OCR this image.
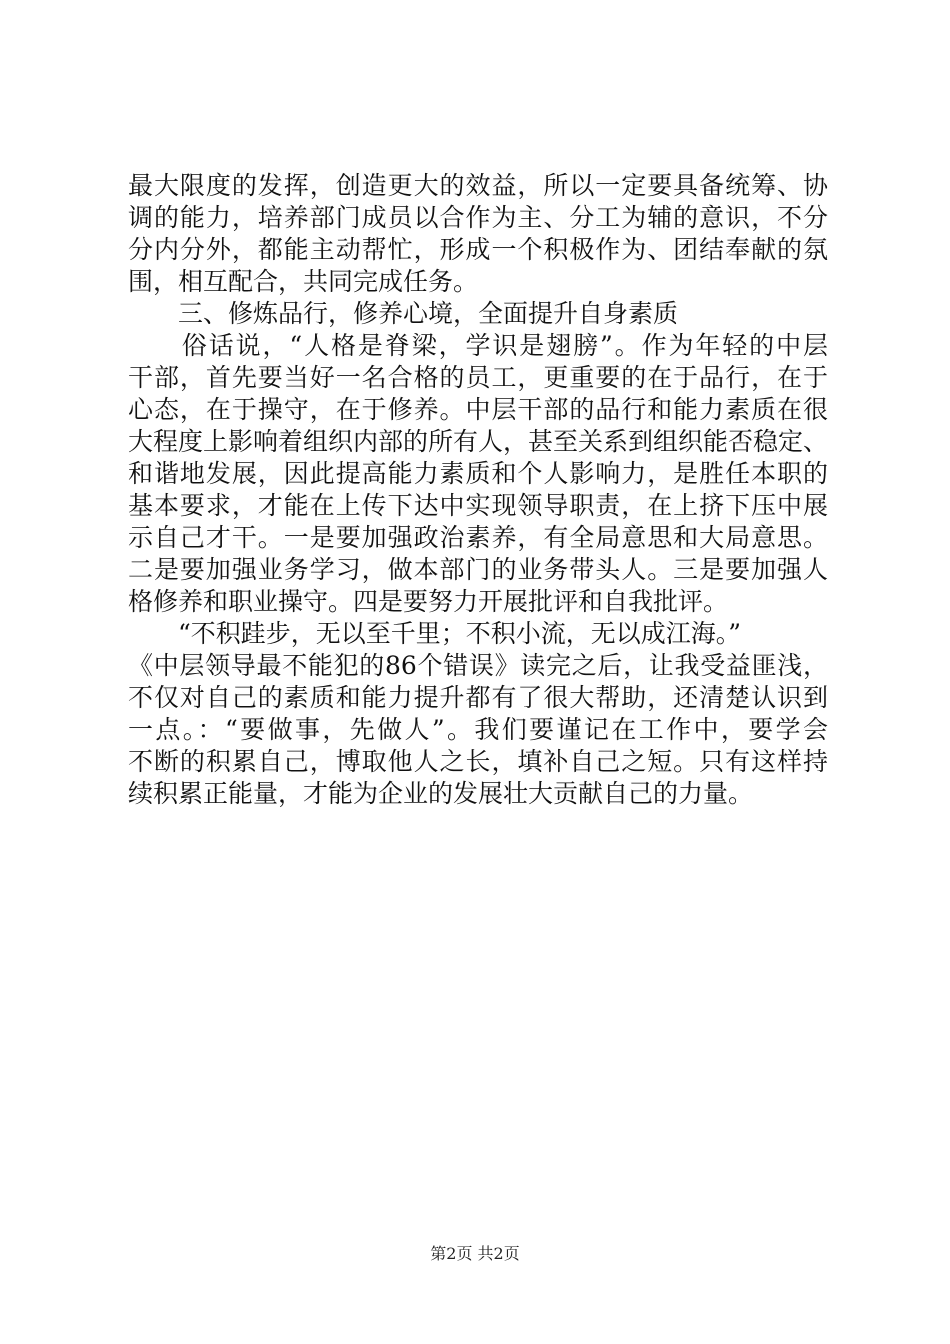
最大限度的发挥，创造更大的效益，所以一定要具备统筹、协
调的能力，培养部门成员以合作为主、分工为辅的意识，不分
分内分外，都能主动帮忙，形成一个积极作为、团结奉献的氛
围，相互配合，共同完成任务。
　　三、修炼品行，修养心境，全面提升自身素质
　　俗话说，“人格是脊梁，学识是翅膀”。作为年轻的中层
干部，首先要当好一名合格的员工，更重要的在于品行，在于
心态，在于操守，在于修养。中层干部的品行和能力素质在很
大程度上影响着组织内部的所有人，甚至关系到组织能否稳定、
和谐地发展，因此提高能力素质和个人影响力，是胜任本职的
基本要求，才能在上传下达中实现领导职责，在上挤下压中展
示自己才干。一是要加强政治素养，有全局意思和大局意思。
二是要加强业务学习，做本部门的业务带头人。三是要加强人
格修养和职业操守。四是要努力开展批评和自我批评。
　　“不积跬步，无以至千里；不积小流，无以成江海。”
《中层领导最不能犯的86个错误》读完之后，让我受益匪浅，
不仅对自己的素质和能力提升都有了很大帮助，还清楚认识到
一点。：“要做事，先做人”。我们要谨记在工作中，要学会
不断的积累自己，博取他人之长，填补自己之短。只有这样持
续积累正能量，才能为企业的发展壮大贡献自己的力量。
第2页 共2页
